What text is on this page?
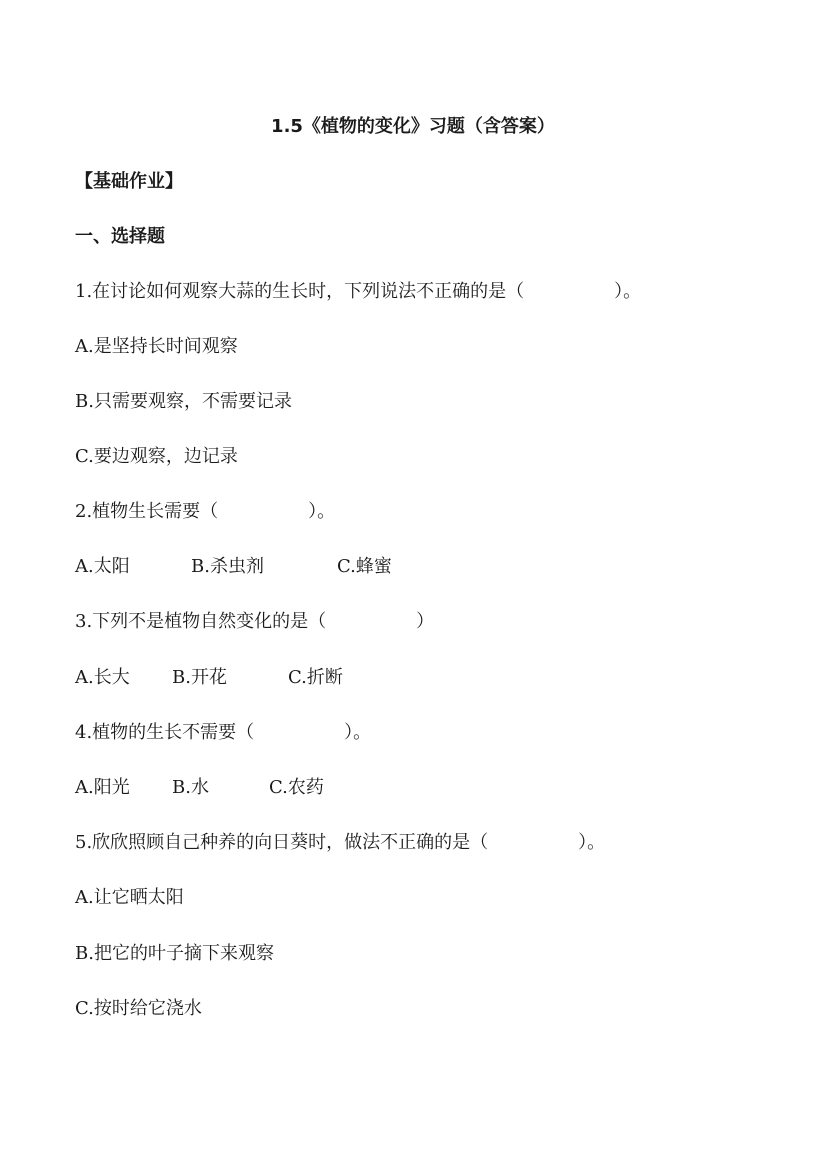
1.5《植物的变化》习题（含答案）
【基础作业】
一、选择题
1.在讨论如何观察大蒜的生长时，下列说法不正确的是（　　　　　）。
A.是坚持长时间观察
B.只需要观察，不需要记录
C.要边观察，边记录
2.植物生长需要（　　　　　）。
A.太阳	B.杀虫剂	C.蜂蜜
3.下列不是植物自然变化的是（　　　　　）
A.长大 B.开花	C.折断
4.植物的生长不需要（　　　　　）。
A.阳光 B.水	C.农药
5.欣欣照顾自己种养的向日葵时，做法不正确的是（　　　　　）。
A.让它晒太阳
B.把它的叶子摘下来观察
C.按时给它浇水
